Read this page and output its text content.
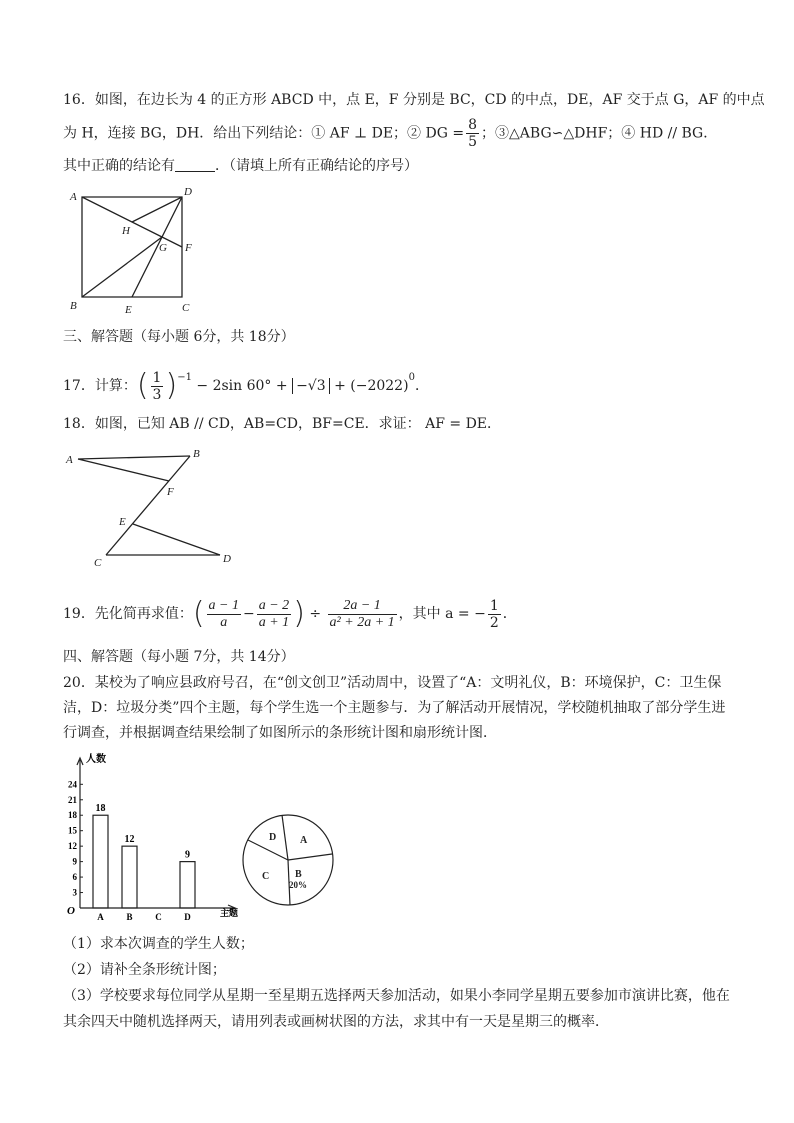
16．如图，在边长为 4 的正方形 ABCD 中，点 E，F 分别是 BC，CD 的中点，DE，AF 交于点 G，AF 的中点
为 H，连接 BG，DH．给出下列结论：① AF ⊥ DE；② DG = $\frac{8}{5}$ ；③△ABG∽△DHF；④ HD // BG．
其中正确的结论有	．（请填上所有正确结论的序号）
A	D
B	C
E
F
G
H
三、解答题（每小题 6分，共 18分）
17．计算：( $\frac{1}{3} )^{-1} - 2\sin$ $60^\circ + -√3 + (-2022)^0$．
18．如图，已知 AB // CD，AB=CD，BF=CE．求证： AF = DE．
A	B
F
E
C	D
19．先化简再求值：( $\frac{a - 1}{a} - \frac{a - 2}{a + 1}$ ) ÷ $\frac{2a - 1}{\text{a² + 2a + 1}}$ ，其中 a = − $\frac{1}{2}$ ．
四、解答题（每小题 7分，共 14分）
20．某校为了响应县政府号召，在“创文创卫”活动周中，设置了“A：文明礼仪，B：环境保护，C：卫生保
洁，D：垃圾分类”四个主题，每个学生选一个主题参与．为了解活动开展情况，学校随机抽取了部分学生进
行调查，并根据调查结果绘制了如图所示的条形统计图和扇形统计图．
人数
主题
O
3
6
9
12
15
18
21
24
A
18
B
12
C	D
9
D A
C	B
20%
（1）求本次调查的学生人数；
（2）请补全条形统计图；
（3）学校要求每位同学从星期一至星期五选择两天参加活动，如果小李同学星期五要参加市演讲比赛，他在
其余四天中随机选择两天，请用列表或画树状图的方法，求其中有一天是星期三的概率．
